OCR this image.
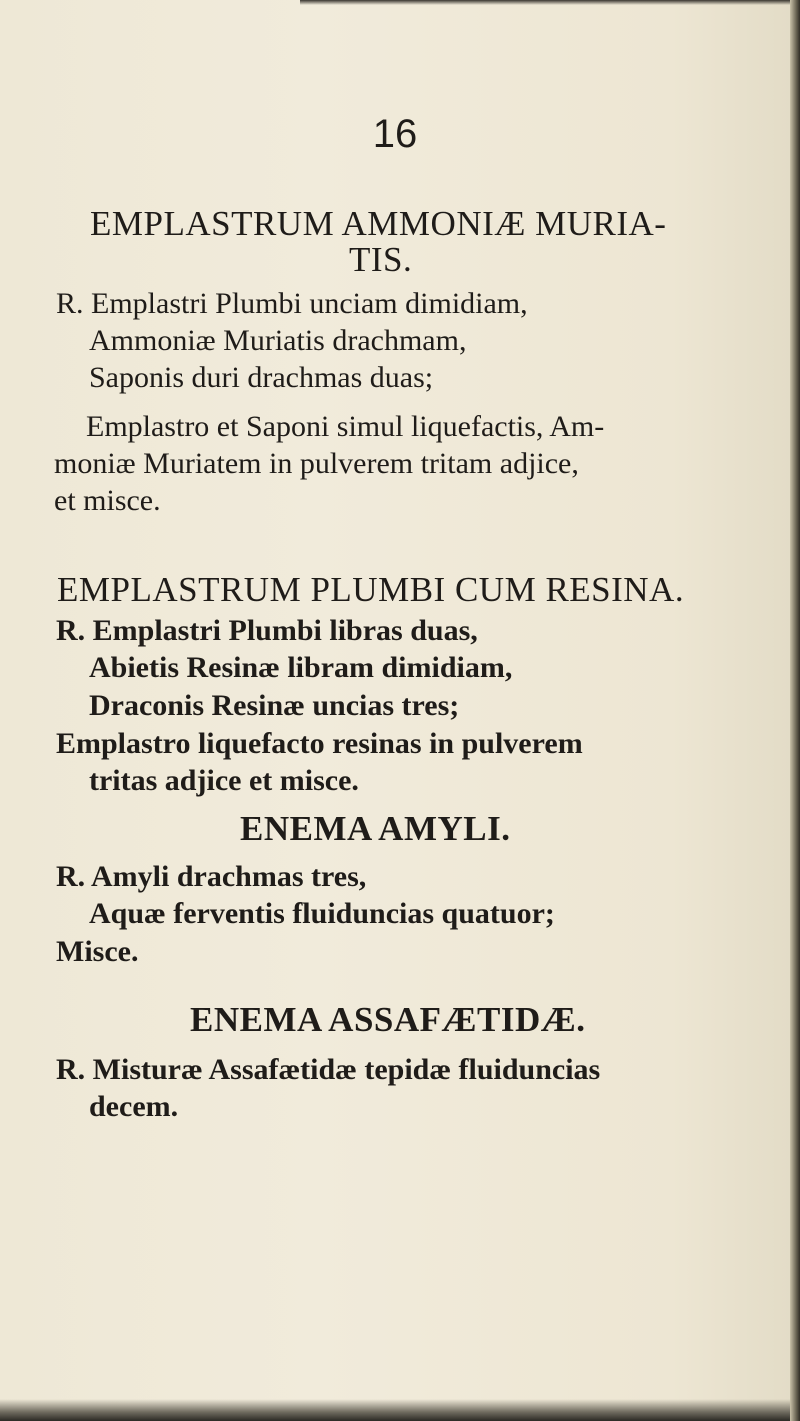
16
EMPLASTRUM AMMONIÆ MURIA-
TIS.
R. Emplastri Plumbi unciam dimidiam,
Ammoniæ Muriatis drachmam,
Saponis duri drachmas duas;
Emplastro et Saponi simul liquefactis, Am-
moniæ Muriatem in pulverem tritam adjice,
et misce.
EMPLASTRUM PLUMBI CUM RESINA.
R. Emplastri Plumbi libras duas,
Abietis Resinæ libram dimidiam,
Draconis Resinæ uncias tres;
Emplastro liquefacto resinas in pulverem
tritas adjice et misce.
ENEMA AMYLI.
R. Amyli drachmas tres,
Aquæ ferventis fluiduncias quatuor;
Misce.
ENEMA ASSAFÆTIDÆ.
R. Misturæ Assafætidæ tepidæ fluiduncias
decem.
